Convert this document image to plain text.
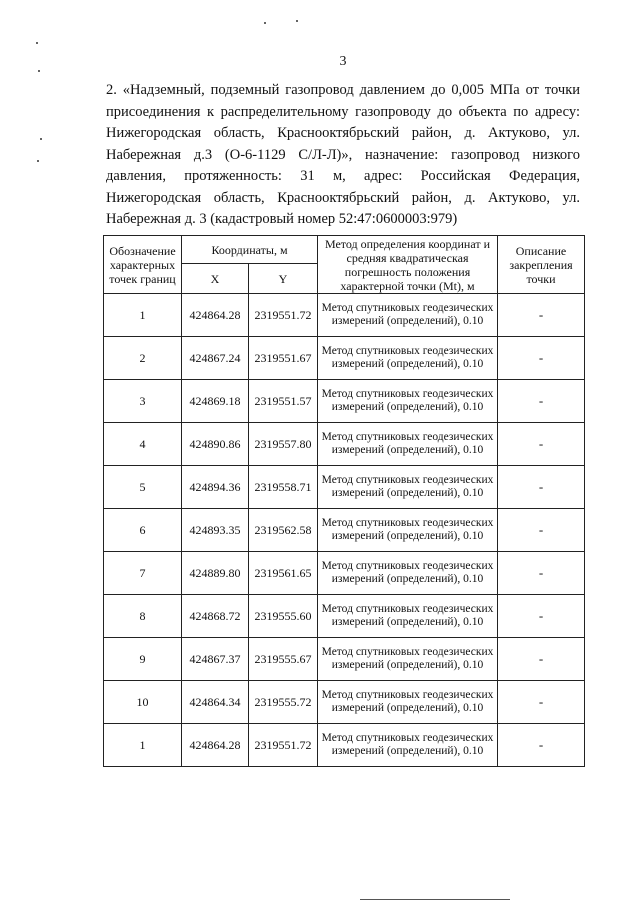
3

2. «Надземный, подземный газопровод давлением до 0,005 МПа от точки присоединения к распределительному газопроводу до объекта по адресу: Нижегородская область, Краснооктябрьский район, д. Актуково, ул. Набережная д.3 (О-6-1129 С/Л-Л)», назначение: газопровод низкого давления, протяженность: 31 м, адрес: Российская Федерация, Нижегородская область, Краснооктябрьский район, д. Актуково, ул. Набережная д. 3 (кадастровый номер 52:47:0600003:979)

Обозначение характерных точек границ	Координаты, м		Метод определения координат и средняя квадратическая погрешность положения характерной точки (Mt), м	Описание закрепления точки
	X	Y		
1	424864.28	2319551.72	Метод спутниковых геодезических измерений (определений), 0.10	-
2	424867.24	2319551.67	Метод спутниковых геодезических измерений (определений), 0.10	-
3	424869.18	2319551.57	Метод спутниковых геодезических измерений (определений), 0.10	-
4	424890.86	2319557.80	Метод спутниковых геодезических измерений (определений), 0.10	-
5	424894.36	2319558.71	Метод спутниковых геодезических измерений (определений), 0.10	-
6	424893.35	2319562.58	Метод спутниковых геодезических измерений (определений), 0.10	-
7	424889.80	2319561.65	Метод спутниковых геодезических измерений (определений), 0.10	-
8	424868.72	2319555.60	Метод спутниковых геодезических измерений (определений), 0.10	-
9	424867.37	2319555.67	Метод спутниковых геодезических измерений (определений), 0.10	-
10	424864.34	2319555.72	Метод спутниковых геодезических измерений (определений), 0.10	-
1	424864.28	2319551.72	Метод спутниковых геодезических измерений (определений), 0.10	-
